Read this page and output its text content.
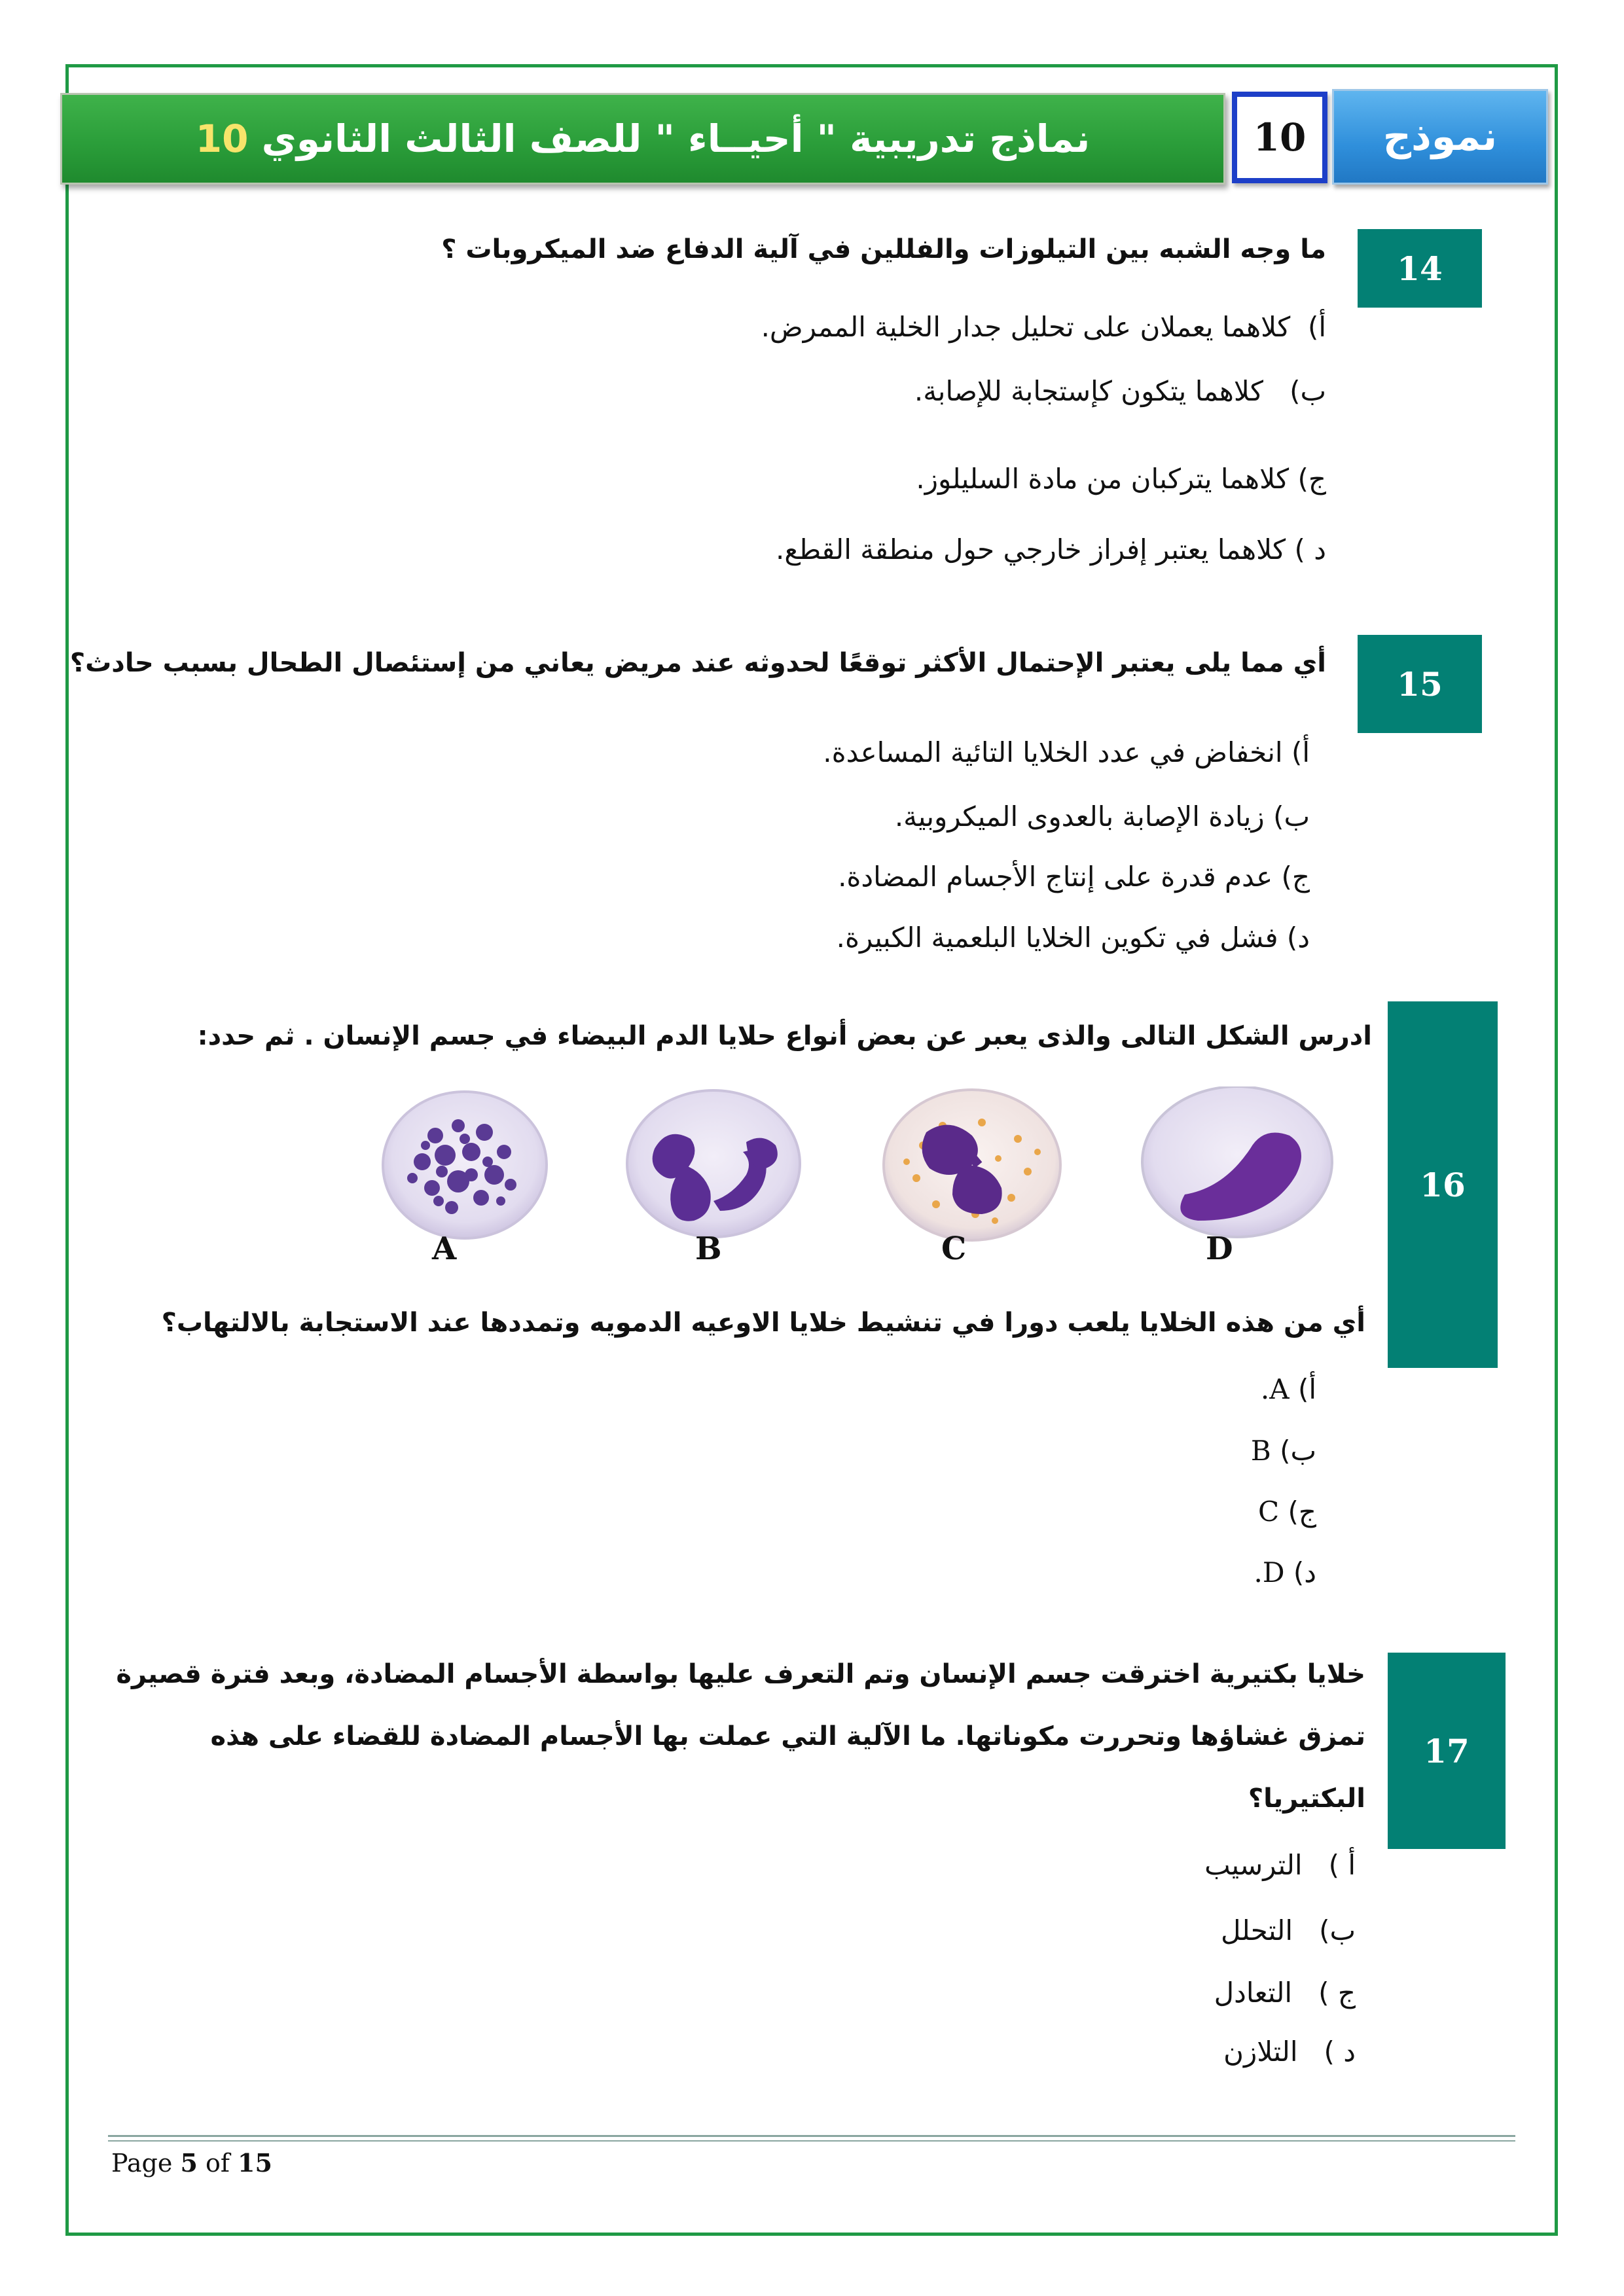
نماذج تدريبية " أحيــاء " للصف الثالث الثانوي 10	10	نموذج
14
ما وجه الشبه بين التيلوزات والفللين في آلية الدفاع ضد الميكروبات ؟
أ)  كلاهما يعملان على تحليل جدار الخلية الممرض.
ب)   كلاهما يتكون كإستجابة للإصابة.
ج) كلاهما يتركبان من مادة السليلوز.
د ) كلاهما يعتبر إفراز خارجي حول منطقة القطع.
15
أي مما يلى يعتبر الإحتمال الأكثر توقعًا لحدوثه عند مريض يعاني من إستئصال الطحال بسبب حادث؟
أ) انخفاض في عدد الخلايا التائية المساعدة.
ب) زيادة الإصابة بالعدوى الميكروبية.
ج) عدم قدرة على إنتاج الأجسام المضادة.
د) فشل في تكوين الخلايا البلعمية الكبيرة.
16
ادرس الشكل التالى والذى يعبر عن بعض أنواع حلايا الدم البيضاء في جسم الإنسان . ثم حدد:
A	B	C	D
أي من هذه الخلايا يلعب دورا في تنشيط خلايا الاوعيه الدمويه وتمددها عند الاستجابة بالالتهاب؟
أ) A.
ب) B
ج) C
د) D.
17
خلايا بكتيرية اخترقت جسم الإنسان وتم التعرف عليها بواسطة الأجسام المضادة، وبعد فترة قصيرة
تمزق غشاؤها وتحررت مكوناتها. ما الآلية التي عملت بها الأجسام المضادة للقضاء على هذه
البكتيريا؟
أ )   الترسيب
ب)   التحلل
ج )   التعادل
د )   التلازن
Page 5 of 15
